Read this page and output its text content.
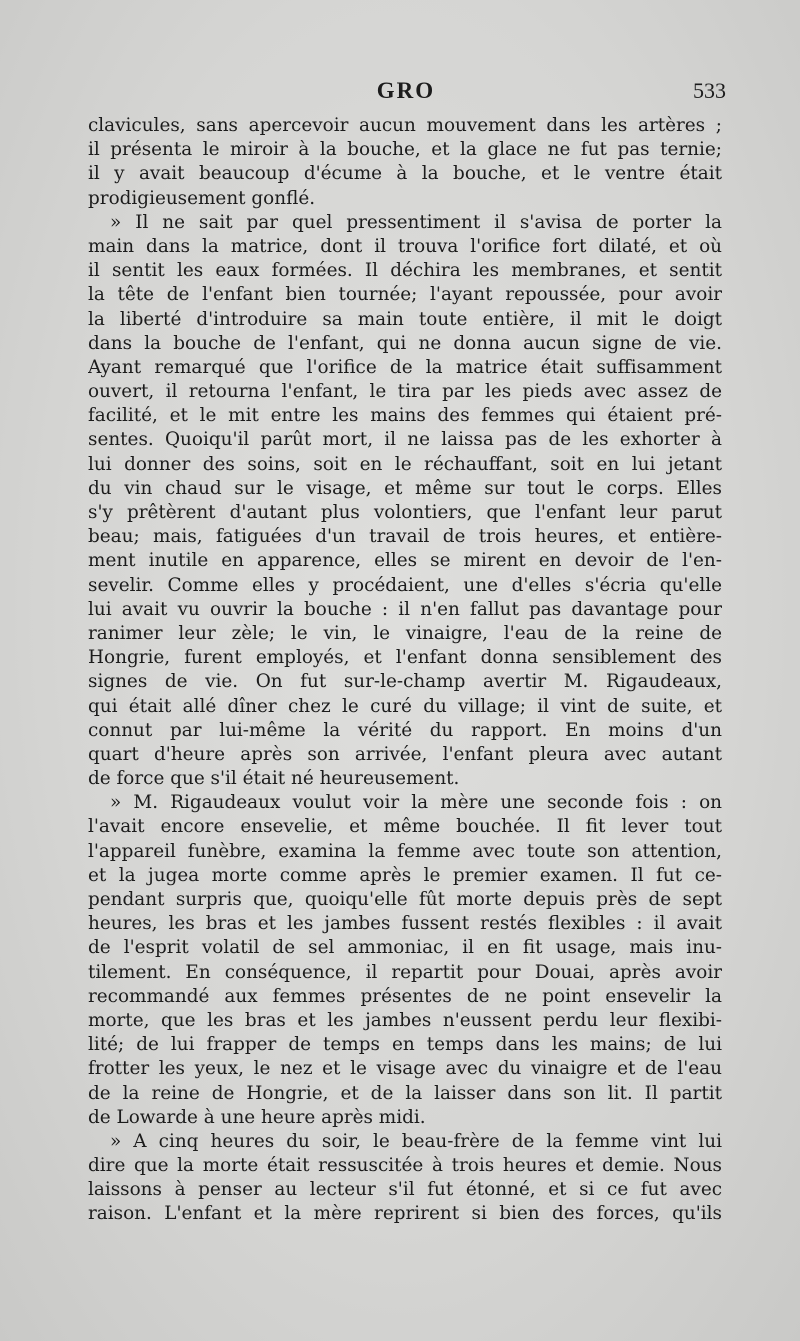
GRO	533
clavicules, sans apercevoir aucun mouvement dans les artères ;
il présenta le miroir à la bouche, et la glace ne fut pas ternie;
il y avait beaucoup d'écume à la bouche, et le ventre était
prodigieusement gonflé.
» Il ne sait par quel pressentiment il s'avisa de porter la
main dans la matrice, dont il trouva l'orifice fort dilaté, et où
il sentit les eaux formées. Il déchira les membranes, et sentit
la tête de l'enfant bien tournée; l'ayant repoussée, pour avoir
la liberté d'introduire sa main toute entière, il mit le doigt
dans la bouche de l'enfant, qui ne donna aucun signe de vie.
Ayant remarqué que l'orifice de la matrice était suffisamment
ouvert, il retourna l'enfant, le tira par les pieds avec assez de
facilité, et le mit entre les mains des femmes qui étaient pré-
sentes. Quoiqu'il parût mort, il ne laissa pas de les exhorter à
lui donner des soins, soit en le réchauffant, soit en lui jetant
du vin chaud sur le visage, et même sur tout le corps. Elles
s'y prêtèrent d'autant plus volontiers, que l'enfant leur parut
beau; mais, fatiguées d'un travail de trois heures, et entière-
ment inutile en apparence, elles se mirent en devoir de l'en-
sevelir. Comme elles y procédaient, une d'elles s'écria qu'elle
lui avait vu ouvrir la bouche : il n'en fallut pas davantage pour
ranimer leur zèle; le vin, le vinaigre, l'eau de la reine de
Hongrie, furent employés, et l'enfant donna sensiblement des
signes de vie. On fut sur-le-champ avertir M. Rigaudeaux,
qui était allé dîner chez le curé du village; il vint de suite, et
connut par lui-même la vérité du rapport. En moins d'un
quart d'heure après son arrivée, l'enfant pleura avec autant
de force que s'il était né heureusement.
» M. Rigaudeaux voulut voir la mère une seconde fois : on
l'avait encore ensevelie, et même bouchée. Il fit lever tout
l'appareil funèbre, examina la femme avec toute son attention,
et la jugea morte comme après le premier examen. Il fut ce-
pendant surpris que, quoiqu'elle fût morte depuis près de sept
heures, les bras et les jambes fussent restés flexibles : il avait
de l'esprit volatil de sel ammoniac, il en fit usage, mais inu-
tilement. En conséquence, il repartit pour Douai, après avoir
recommandé aux femmes présentes de ne point ensevelir la
morte, que les bras et les jambes n'eussent perdu leur flexibi-
lité; de lui frapper de temps en temps dans les mains; de lui
frotter les yeux, le nez et le visage avec du vinaigre et de l'eau
de la reine de Hongrie, et de la laisser dans son lit. Il partit
de Lowarde à une heure après midi.
» A cinq heures du soir, le beau-frère de la femme vint lui
dire que la morte était ressuscitée à trois heures et demie. Nous
laissons à penser au lecteur s'il fut étonné, et si ce fut avec
raison. L'enfant et la mère reprirent si bien des forces, qu'ils
